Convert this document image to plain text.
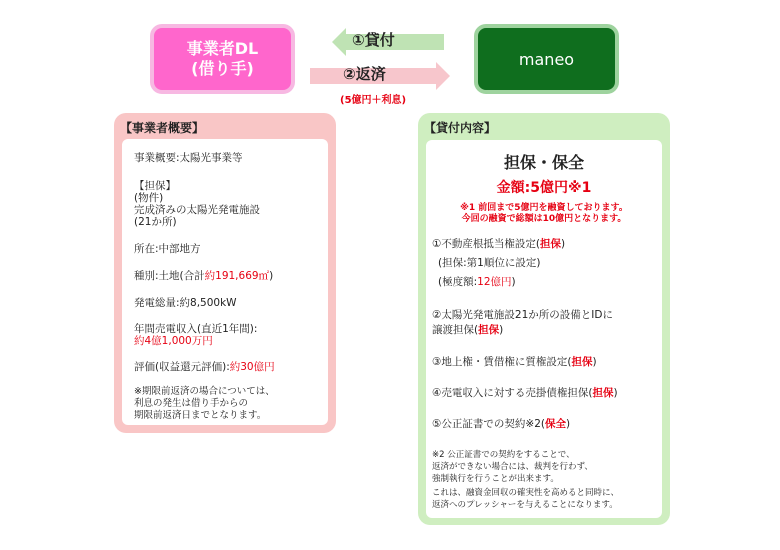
事業者DL
(借り手)	maneo
①貸付
②返済
(5億円＋利息)
【事業者概要】
事業概要:太陽光事業等
【担保】
(物件)
完成済みの太陽光発電施設
(21か所)
所在:中部地方
種別:土地(合計約191,669㎡)
発電総量:約8,500kW
年間売電収入(直近1年間):
約4億1,000万円
評価(収益還元評価):約30億円
※期限前返済の場合については、
利息の発生は借り手からの
期限前返済日までとなります。
【貸付内容】
担保・保全
金額:5億円※1
※1 前回まで5億円を融資しております。
今回の融資で総額は10億円となります。
①不動産根抵当権設定(担保)
(担保:第1順位に設定)
(極度額:12億円)
②太陽光発電施設21か所の設備とIDに
譲渡担保(担保)
③地上権・賃借権に質権設定(担保)
④売電収入に対する売掛債権担保(担保)
⑤公正証書での契約※2(保全)
※2 公正証書での契約をすることで、
返済ができない場合には、裁判を行わず、
強制執行を行うことが出来ます。
これは、融資金回収の確実性を高めると同時に、
返済へのプレッシャーを与えることになります。
